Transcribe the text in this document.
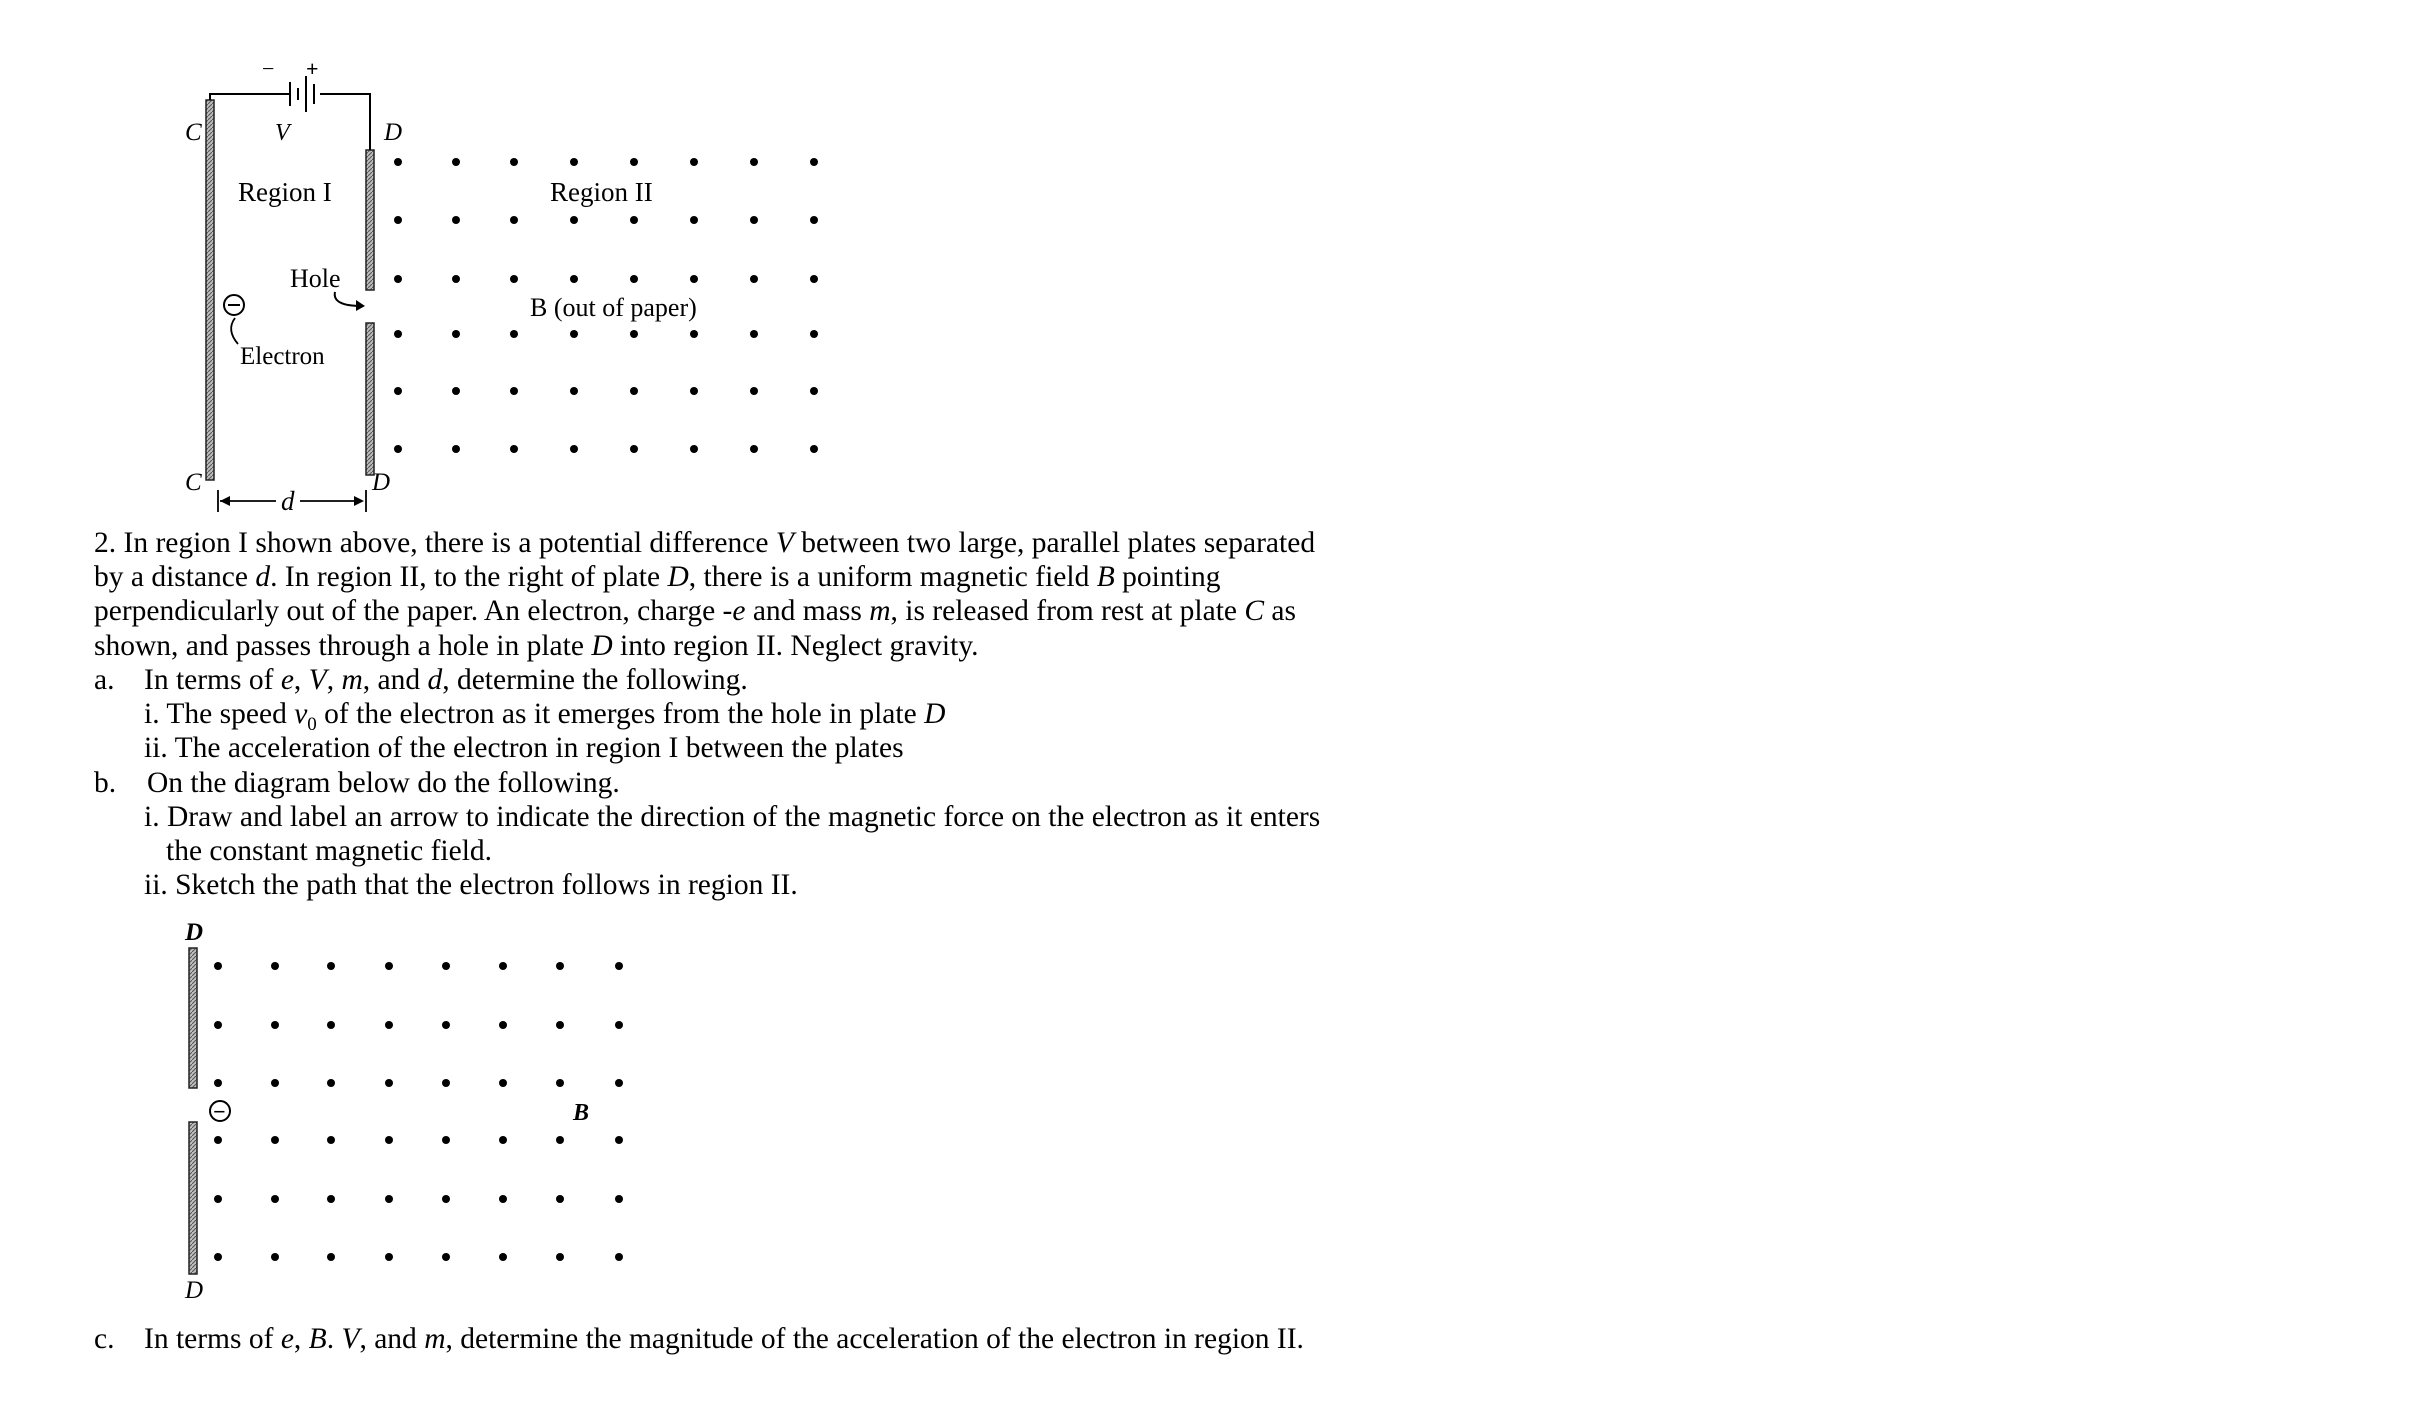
− +
C	V	D
Region I	Region II
Hole
B (out of paper)
Electron
C	D
d
2. In region I shown above, there is a potential difference V between two large, parallel plates separated
by a distance d. In region II, to the right of plate D, there is a uniform magnetic field B pointing
perpendicularly out of the paper. An electron, charge -e and mass m, is released from rest at plate C as
shown, and passes through a hole in plate D into region II. Neglect gravity.
a. In terms of e, V, m, and d, determine the following.
i. The speed $v_0$ of the electron as it emerges from the hole in plate D
ii. The acceleration of the electron in region I between the plates
b. On the diagram below do the following.
i. Draw and label an arrow to indicate the direction of the magnetic force on the electron as it enters
the constant magnetic field.
ii. Sketch the path that the electron follows in region II.
D
D
−	B
c. In terms of e, B. V, and m, determine the magnitude of the acceleration of the electron in region II.
